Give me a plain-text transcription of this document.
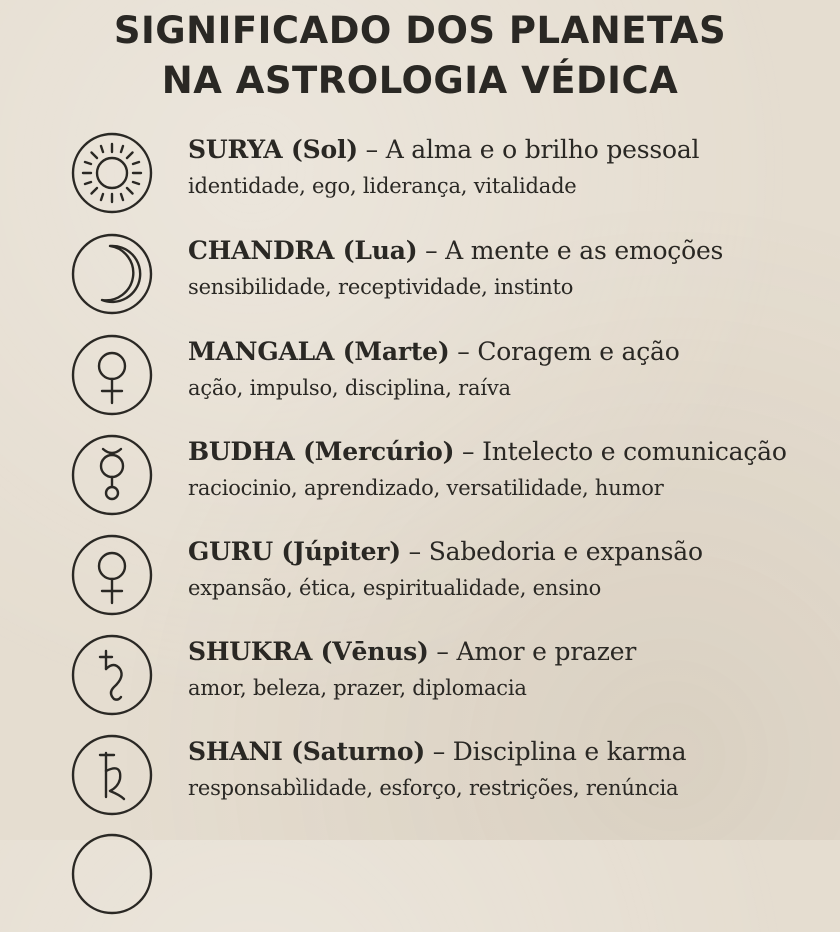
SIGNIFICADO DOS PLANETAS
NA ASTROLOGIA VÉDICA
SURYA (Sol) – A alma e o brilho pessoal
identidade, ego, liderança, vitalidade
CHANDRA (Lua) – A mente e as emoções
sensibilidade, receptividade, instinto
MANGALA (Marte) – Coragem e ação
ação, impulso, disciplina, raíva
BUDHA (Mercúrio) – Intelecto e comunicação
raciocinio, aprendizado, versatilidade, humor
GURU (Júpiter) – Sabedoria e expansão
expansão, ética, espiritualidade, ensino
SHUKRA (Vēnus) – Amor e prazer
amor, beleza, prazer, diplomacia
SHANI (Saturno) – Disciplina e karma
responsabìlidade, esforço, restrições, renúncia
